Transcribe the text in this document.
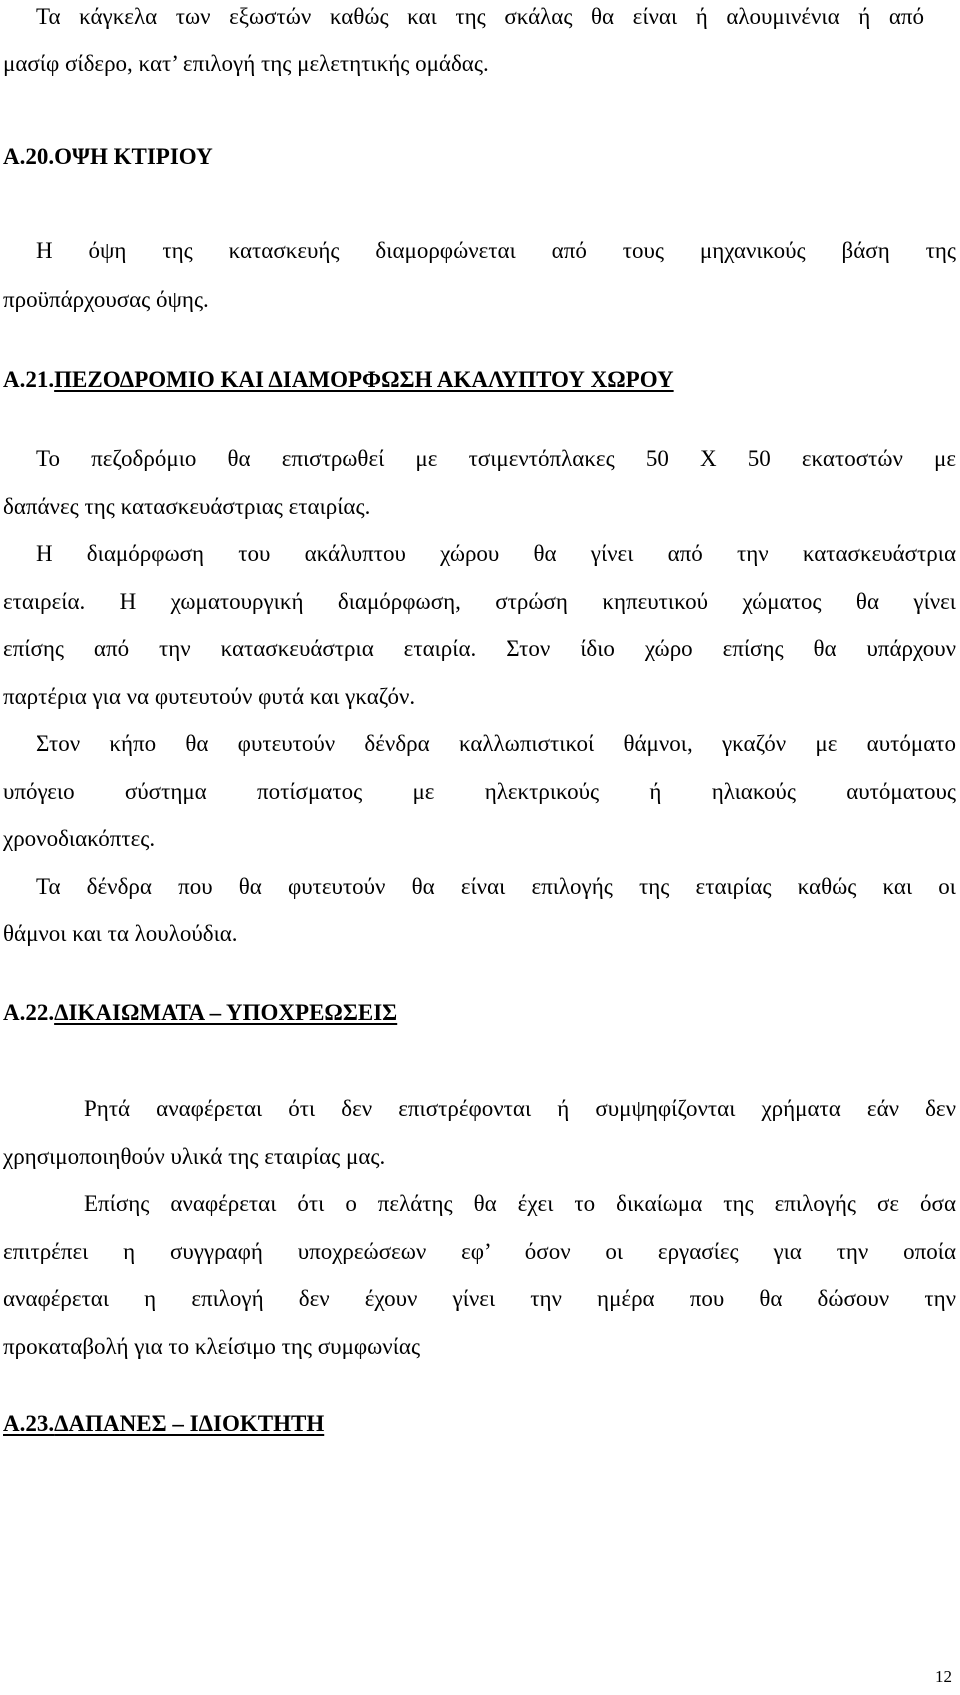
Τα κάγκελα των εξωστών καθώς και της σκάλας θα είναι ή αλουμινένια ή από
μασίφ σίδερο, κατ’ επιλογή της μελετητικής ομάδας.
Α.20.ΟΨΗ ΚΤΙΡΙΟΥ
Η όψη της κατασκευής διαμορφώνεται από τους μηχανικούς βάση της
προϋπάρχουσας όψης.
Α.21.ΠΕΖΟΔΡΟΜΙΟ ΚΑΙ ΔΙΑΜΟΡΦΩΣΗ ΑΚΑΛΥΠΤΟΥ ΧΩΡΟΥ
Το πεζοδρόμιο θα επιστρωθεί με τσιμεντόπλακες 50 Χ 50 εκατοστών με
δαπάνες της κατασκευάστριας εταιρίας.
Η διαμόρφωση του ακάλυπτου χώρου θα γίνει από την κατασκευάστρια
εταιρεία. Η χωματουργική διαμόρφωση, στρώση κηπευτικού χώματος θα γίνει
επίσης από την κατασκευάστρια εταιρία. Στον ίδιο χώρο επίσης θα υπάρχουν
παρτέρια για να φυτευτούν φυτά και γκαζόν.
Στον κήπο θα φυτευτούν δένδρα καλλωπιστικοί θάμνοι, γκαζόν με αυτόματο
υπόγειο σύστημα ποτίσματος με ηλεκτρικούς ή ηλιακούς αυτόματους
χρονοδιακόπτες.
Τα δένδρα που θα φυτευτούν θα είναι επιλογής της εταιρίας καθώς και οι
θάμνοι και τα λουλούδια.
Α.22.ΔΙΚΑΙΩΜΑΤΑ – ΥΠΟΧΡΕΩΣΕΙΣ
Ρητά αναφέρεται ότι δεν επιστρέφονται ή συμψηφίζονται χρήματα εάν δεν
χρησιμοποιηθούν υλικά της εταιρίας μας.
Επίσης αναφέρεται ότι ο πελάτης θα έχει το δικαίωμα της επιλογής σε όσα
επιτρέπει η συγγραφή υποχρεώσεων εφ’ όσον οι εργασίες για την οποία
αναφέρεται η επιλογή δεν έχουν γίνει την ημέρα που θα δώσουν την
προκαταβολή για το κλείσιμο της συμφωνίας
Α.23.ΔΑΠΑΝΕΣ – ΙΔΙΟΚΤΗΤΗ
12
